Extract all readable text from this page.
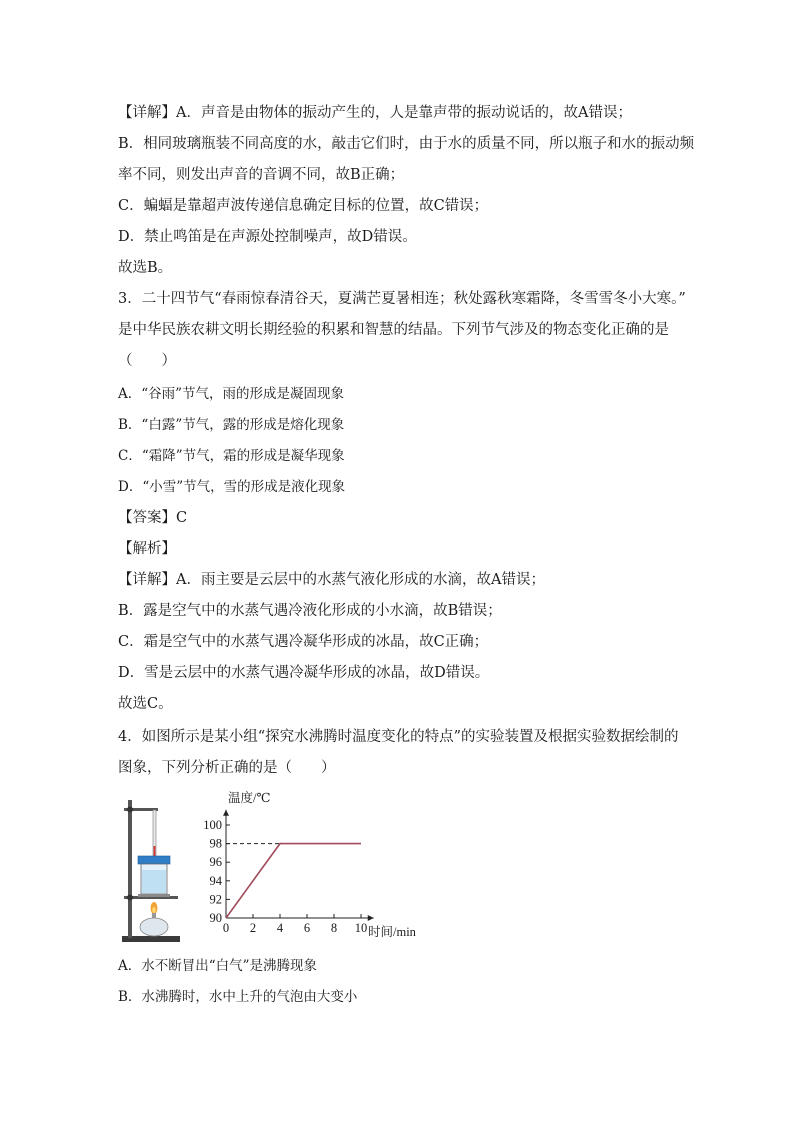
【详解】A．声音是由物体的振动产生的，人是靠声带的振动说话的，故A错误；
B．相同玻璃瓶装不同高度的水，敲击它们时，由于水的质量不同，所以瓶子和水的振动频
率不同，则发出声音的音调不同，故B正确；
C．蝙蝠是靠超声波传递信息确定目标的位置，故C错误；
D．禁止鸣笛是在声源处控制噪声，故D错误。
故选B。
3．二十四节气“春雨惊春清谷天，夏满芒夏暑相连；秋处露秋寒霜降，冬雪雪冬小大寒。”
是中华民族农耕文明长期经验的积累和智慧的结晶。下列节气涉及的物态变化正确的是
（　　）
A．“谷雨”节气，雨的形成是凝固现象
B．“白露”节气，露的形成是熔化现象
C．“霜降”节气，霜的形成是凝华现象
D．“小雪”节气，雪的形成是液化现象
【答案】C
【解析】
【详解】A．雨主要是云层中的水蒸气液化形成的水滴，故A错误；
B．露是空气中的水蒸气遇冷液化形成的小水滴，故B错误；
C．霜是空气中的水蒸气遇冷凝华形成的冰晶，故C正确；
D．雪是云层中的水蒸气遇冷凝华形成的冰晶，故D错误。
故选C。
4．如图所示是某小组“探究水沸腾时温度变化的特点”的实验装置及根据实验数据绘制的
图象，下列分析正确的是（　　）
0 2 4 6 8 10
90
92
94
96
98
100
温度/℃
时间/min
A．水不断冒出“白气”是沸腾现象
B．水沸腾时，水中上升的气泡由大变小
